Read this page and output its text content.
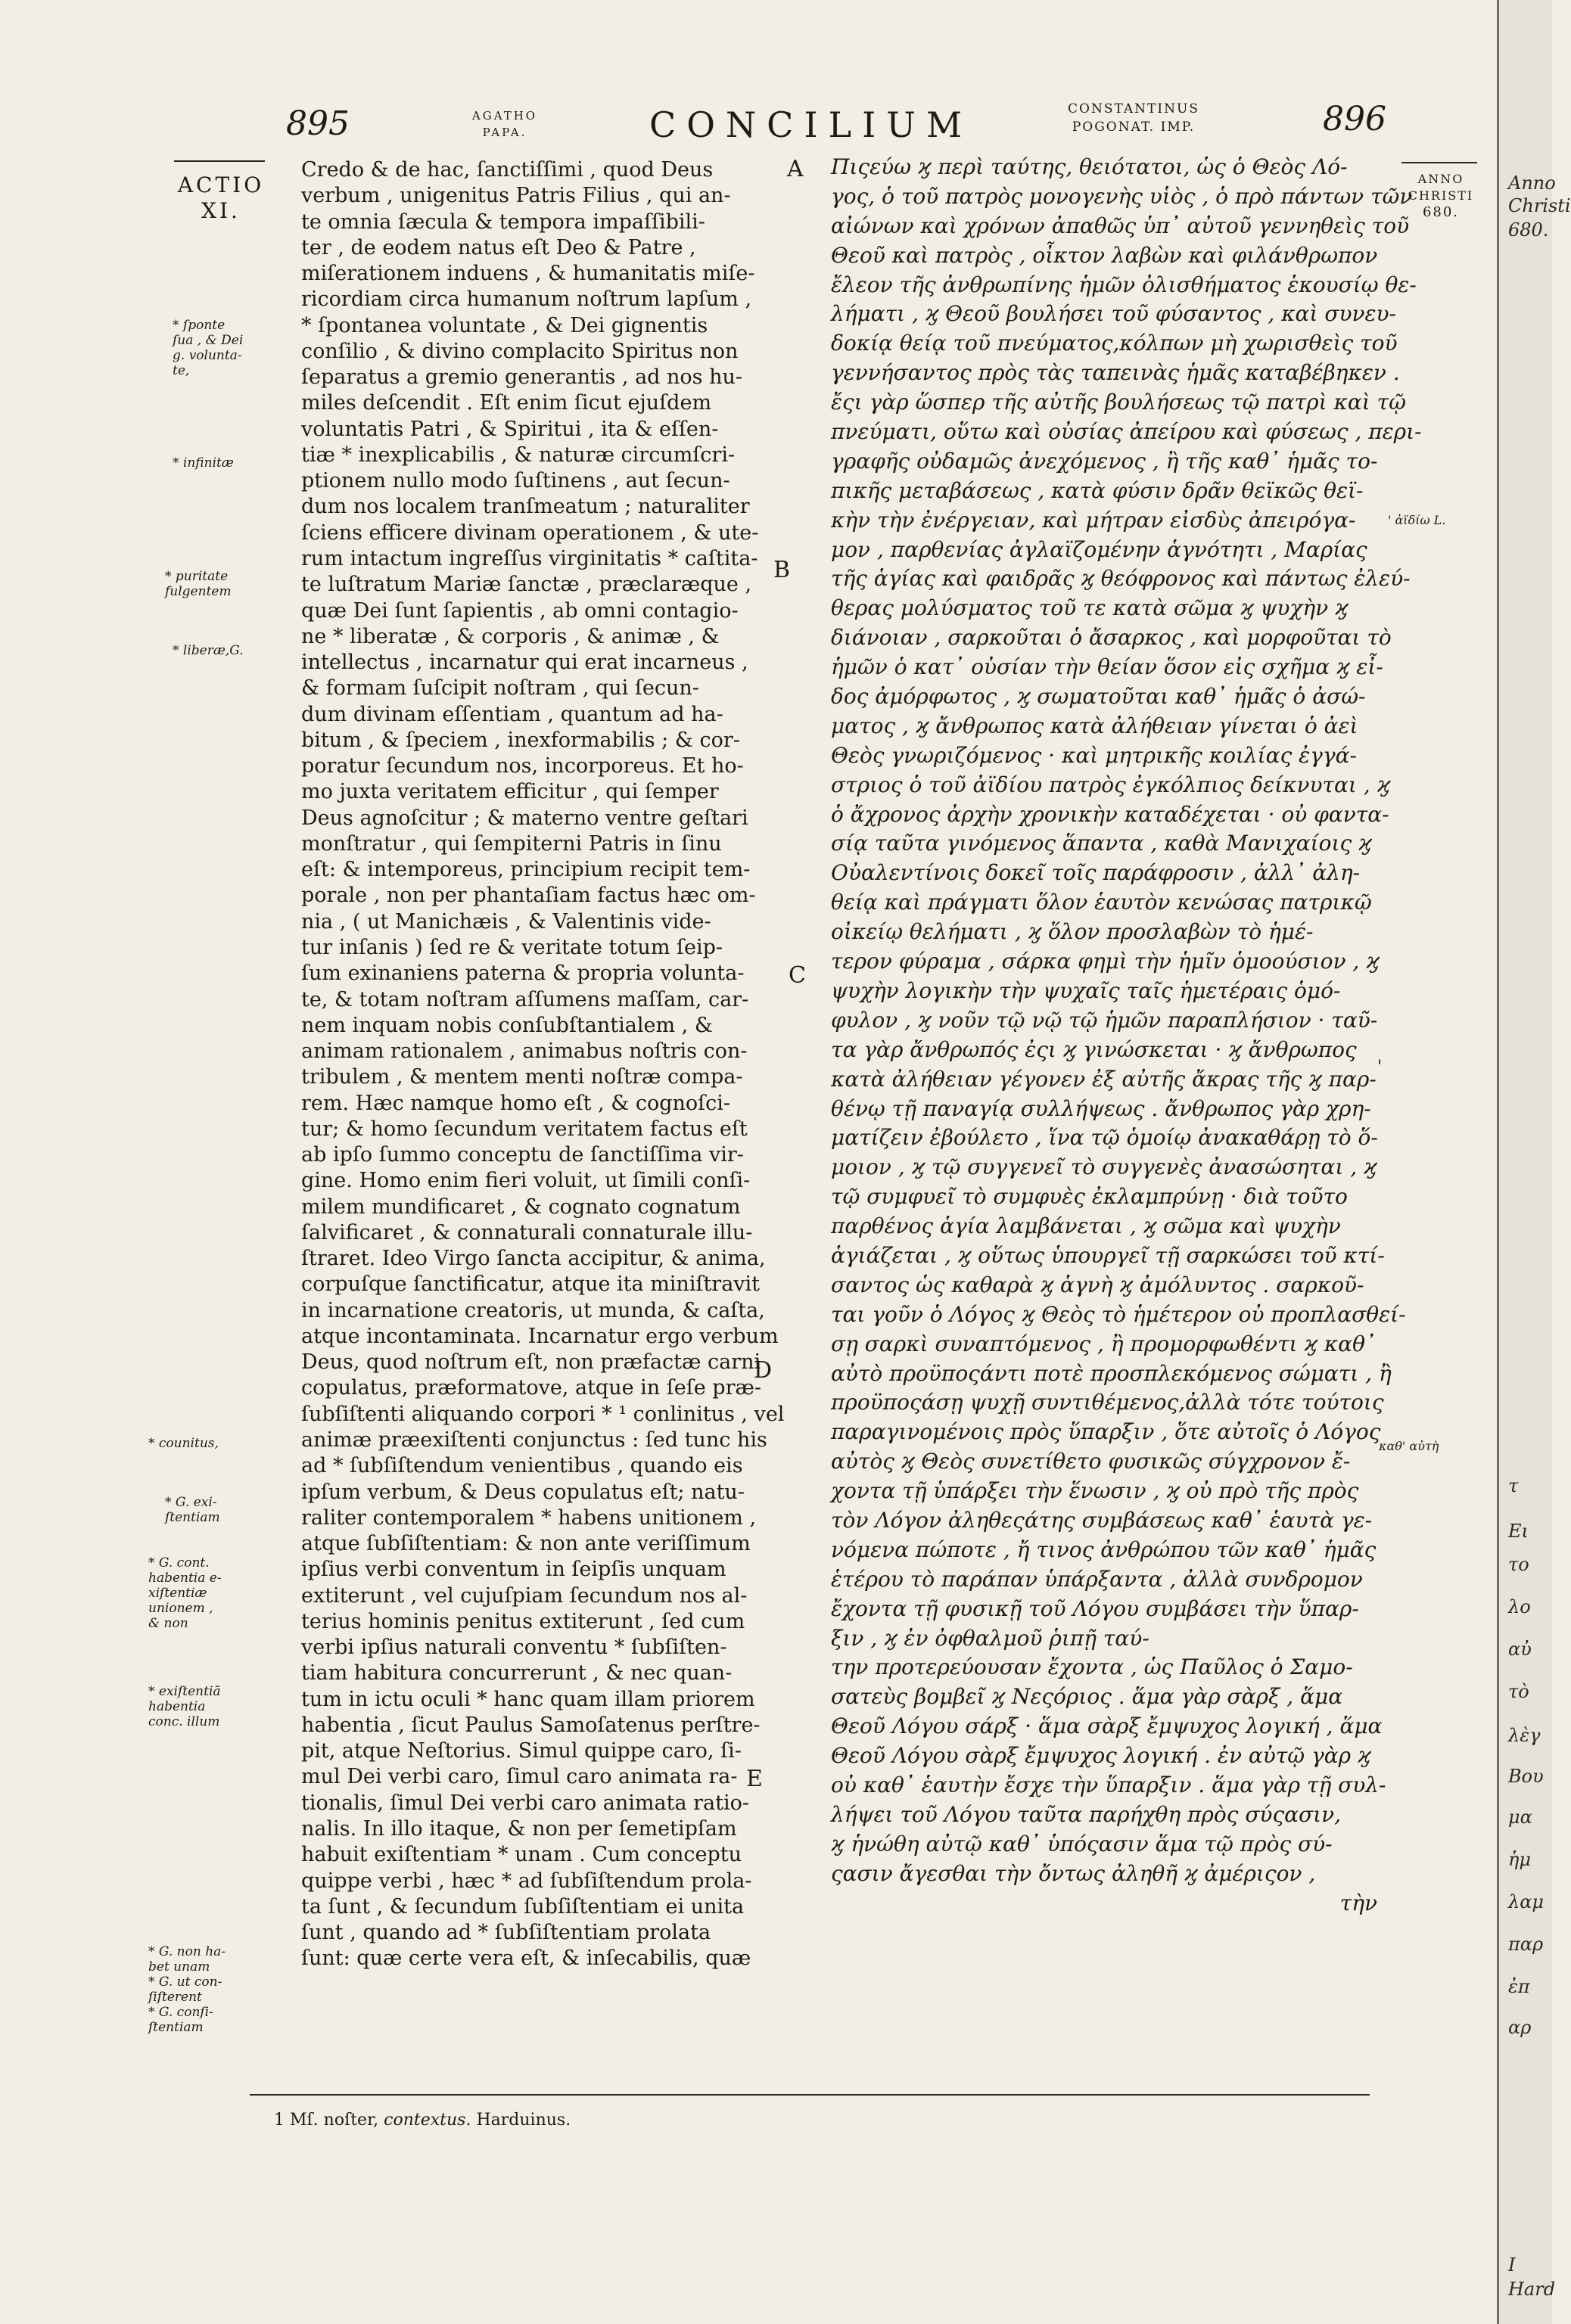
895	AGATHO
PAPA.	CONCILIUM	CONSTANTINUS
POGONAT. IMP.	896
ACTIO
XI.
* ſponte
ſua , & Dei
g. volunta-
te,
* infinitæ
* puritate
fulgentem
* liberæ,G.
* counitus,
* G. exi-
ſtentiam
* G. cont.
habentia e-
xiſtentiæ
unionem ,
& non
* exiſtentiā
habentia
conc. illum
* G. non ha-
bet unam
* G. ut con-
ſiſterent
* G. conſi-
ſtentiam
Credo & de hac, ſanctiſſimi , quod Deus
verbum , unigenitus Patris Filius , qui an-
te omnia ſæcula & tempora impaſſibili-
ter , de eodem natus eſt Deo & Patre ,
miſerationem induens , & humanitatis miſe-
ricordiam circa humanum noſtrum lapſum ,
* ſpontanea voluntate , & Dei gignentis
conſilio , & divino complacito Spiritus non
ſeparatus a gremio generantis , ad nos hu-
miles deſcendit . Eſt enim ſicut ejuſdem
voluntatis Patri , & Spiritui , ita & eſſen-
tiæ * inexplicabilis , & naturæ circumſcri-
ptionem nullo modo ſuſtinens , aut ſecun-
dum nos localem tranſmeatum ; naturaliter
ſciens efficere divinam operationem , & ute-
rum intactum ingreſſus virginitatis * caſtita-
te luſtratum Mariæ ſanctæ , præclaræque ,
quæ Dei ſunt ſapientis , ab omni contagio-
ne * liberatæ , & corporis , & animæ , &
intellectus , incarnatur qui erat incarneus ,
& formam ſuſcipit noſtram , qui ſecun-
dum divinam eſſentiam , quantum ad ha-
bitum , & ſpeciem , inexformabilis ; & cor-
poratur ſecundum nos, incorporeus. Et ho-
mo juxta veritatem efficitur , qui ſemper
Deus agnoſcitur ; & materno ventre geſtari
monſtratur , qui ſempiterni Patris in ſinu
eſt: & intemporeus, principium recipit tem-
porale , non per phantaſiam factus hæc om-
nia , ( ut Manichæis , & Valentinis vide-
tur inſanis ) ſed re & veritate totum ſeip-
ſum exinaniens paterna & propria volunta-
te, & totam noſtram aſſumens maſſam, car-
nem inquam nobis conſubſtantialem , &
animam rationalem , animabus noſtris con-
tribulem , & mentem menti noſtræ compa-
rem. Hæc namque homo eſt , & cognoſci-
tur; & homo ſecundum veritatem factus eſt
ab ipſo ſummo conceptu de ſanctiſſima vir-
gine. Homo enim fieri voluit, ut ſimili conſi-
milem mundificaret , & cognato cognatum
ſalvificaret , & connaturali connaturale illu-
ſtraret. Ideo Virgo ſancta accipitur, & anima,
corpuſque ſanctificatur, atque ita miniſtravit
in incarnatione creatoris, ut munda, & caſta,
atque incontaminata. Incarnatur ergo verbum
Deus, quod noſtrum eſt, non præfactæ carni
copulatus, præformatove, atque in ſeſe præ-
ſubſiſtenti aliquando corpori * ¹ conlinitus , vel
animæ præexiſtenti conjunctus : ſed tunc his
ad * ſubſiſtendum venientibus , quando eis
ipſum verbum, & Deus copulatus eſt; natu-
raliter contemporalem * habens unitionem ,
atque ſubſiſtentiam: & non ante veriſſimum
ipſius verbi conventum in ſeipſis unquam
extiterunt , vel cujuſpiam ſecundum nos al-
terius hominis penitus extiterunt , ſed cum
verbi ipſius naturali conventu * ſubſiſten-
tiam habitura concurrerunt , & nec quan-
tum in ictu oculi * hanc quam illam priorem
habentia , ſicut Paulus Samoſatenus perſtre-
pit, atque Neſtorius. Simul quippe caro, ſi-
mul Dei verbi caro, ſimul caro animata ra-
tionalis, ſimul Dei verbi caro animata ratio-
nalis. In illo itaque, & non per ſemetipſam
habuit exiſtentiam * unam . Cum conceptu
quippe verbi , hæc * ad ſubſiſtendum prola-
ta ſunt , & ſecundum ſubſiſtentiam ei unita
ſunt , quando ad * ſubſiſtentiam prolata
ſunt: quæ certe vera eſt, & inſecabilis, quæ
A
B
C
D
E
Πιςεύω ϗ περὶ ταύτης, θειότατοι, ὡς ὁ Θεὸς Λό-
γος, ὁ τοῦ πατρὸς μονογενὴς υἱὸς , ὁ πρὸ πάντων τῶν
αἰώνων καὶ χρόνων ἀπαθῶς ὑπ᾽ αὐτοῦ γεννηθεὶς τοῦ
Θεοῦ καὶ πατρὸς , οἶκτον λαβὼν καὶ φιλάνθρωπον
ἔλεον τῆς ἀνθρωπίνης ἡμῶν ὀλισθήματος ἑκουσίῳ θε-
λήματι , ϗ Θεοῦ βουλήσει τοῦ φύσαντος , καὶ συνευ-
δοκίᾳ θείᾳ τοῦ πνεύματος,κόλπων μὴ χωρισθεὶς τοῦ
γεννήσαντος πρὸς τὰς ταπεινὰς ἡμᾶς καταβέβηκεν .
ἔςι γὰρ ὥσπερ τῆς αὐτῆς βουλήσεως τῷ πατρὶ καὶ τῷ
πνεύματι, οὕτω καὶ οὐσίας ἀπείρου καὶ φύσεως , περι-
γραφῆς οὐδαμῶς ἀνεχόμενος , ἢ τῆς καθ᾽ ἡμᾶς το-
πικῆς μεταβάσεως , κατὰ φύσιν δρᾶν θεϊκῶς θεϊ-
κὴν τὴν ἐνέργειαν, καὶ μήτραν εἰσδὺς ἀπειρόγα-
μον , παρθενίας ἀγλαϊζομένην ἁγνότητι , Μαρίας
τῆς ἁγίας καὶ φαιδρᾶς ϗ θεόφρονος καὶ πάντως ἐλεύ-
θερας μολύσματος τοῦ τε κατὰ σῶμα ϗ ψυχὴν ϗ
διάνοιαν , σαρκοῦται ὁ ἄσαρκος , καὶ μορφοῦται τὸ
ἡμῶν ὁ κατ᾽ οὐσίαν τὴν θείαν ὅσον εἰς σχῆμα ϗ εἶ-
δος ἀμόρφωτος , ϗ σωματοῦται καθ᾽ ἡμᾶς ὁ ἀσώ-
ματος , ϗ ἄνθρωπος κατὰ ἀλήθειαν γίνεται ὁ ἀεὶ
Θεὸς γνωριζόμενος · καὶ μητρικῆς κοιλίας ἐγγά-
στριος ὁ τοῦ ἀϊδίου πατρὸς ἐγκόλπιος δείκνυται , ϗ
ὁ ἄχρονος ἀρχὴν χρονικὴν καταδέχεται · οὐ φαντα-
σίᾳ ταῦτα γινόμενος ἅπαντα , καθὰ Μανιχαίοις ϗ
Οὐαλεντίνοις δοκεῖ τοῖς παράφροσιν , ἀλλ᾽ ἀλη-
θείᾳ καὶ πράγματι ὅλον ἑαυτὸν κενώσας πατρικῷ
οἰκείῳ θελήματι , ϗ ὅλον προσλαβὼν τὸ ἡμέ-
τερον φύραμα , σάρκα φημὶ τὴν ἡμῖν ὁμοούσιον , ϗ
ψυχὴν λογικὴν τὴν ψυχαῖς ταῖς ἡμετέραις ὁμό-
φυλον , ϗ νοῦν τῷ νῷ τῷ ἡμῶν παραπλήσιον · ταῦ-
τα γὰρ ἄνθρωπός ἐςι ϗ γινώσκεται · ϗ ἄνθρωπος
κατὰ ἀλήθειαν γέγονεν ἐξ αὐτῆς ἄκρας τῆς ϗ παρ-
θένῳ τῇ παναγίᾳ συλλήψεως . ἄνθρωπος γὰρ χρη-
ματίζειν ἐβούλετο , ἵνα τῷ ὁμοίῳ ἀνακαθάρῃ τὸ ὅ-
μοιον , ϗ τῷ συγγενεῖ τὸ συγγενὲς ἀνασώσηται , ϗ
τῷ συμφυεῖ τὸ συμφυὲς ἐκλαμπρύνῃ · διὰ τοῦτο
παρθένος ἁγία λαμβάνεται , ϗ σῶμα καὶ ψυχὴν
ἁγιάζεται , ϗ οὕτως ὑπουργεῖ τῇ σαρκώσει τοῦ κτί-
σαντος ὡς καθαρὰ ϗ ἁγνὴ ϗ ἀμόλυντος . σαρκοῦ-
ται γοῦν ὁ Λόγος ϗ Θεὸς τὸ ἡμέτερον οὐ προπλασθεί-
σῃ σαρκὶ συναπτόμενος , ἢ προμορφωθέντι ϗ καθ᾽
αὐτὸ προϋποςάντι ποτὲ προσπλεκόμενος σώματι , ἢ
προϋποςάσῃ ψυχῇ συντιθέμενος,ἀλλὰ τότε τούτοις
παραγινομένοις πρὸς ὕπαρξιν , ὅτε αὐτοῖς ὁ Λόγος
αὐτὸς ϗ Θεὸς συνετίθετο φυσικῶς σύγχρονον ἔ-
χοντα τῇ ὑπάρξει τὴν ἕνωσιν , ϗ οὐ πρὸ τῆς πρὸς
τὸν Λόγον ἀληθεςάτης συμβάσεως καθ᾽ ἑαυτὰ γε-
νόμενα πώποτε , ἤ τινος ἀνθρώπου τῶν καθ᾽ ἡμᾶς
ἑτέρου τὸ παράπαν ὑπάρξαντα , ἀλλὰ συνδρομον
ἔχοντα τῇ φυσικῇ τοῦ Λόγου συμβάσει τὴν ὕπαρ-
ξιν , ϗ ἐν ὀφθαλμοῦ ῥιπῇ ταύ-
την προτερεύουσαν ἔχοντα , ὡς Παῦλος ὁ Σαμο-
σατεὺς βομβεῖ ϗ Νεςόριος . ἅμα γὰρ σὰρξ , ἅμα
Θεοῦ Λόγου σάρξ · ἅμα σὰρξ ἔμψυχος λογική , ἅμα
Θεοῦ Λόγου σὰρξ ἔμψυχος λογική . ἐν αὐτῷ γὰρ ϗ
οὐ καθ᾽ ἑαυτὴν ἔσχε τὴν ὕπαρξιν . ἅμα γὰρ τῇ συλ-
λήψει τοῦ Λόγου ταῦτα παρήχθη πρὸς σύςασιν,
ϗ ἡνώθη αὐτῷ καθ᾽ ὑπόςασιν ἅμα τῷ πρὸς σύ-
ςασιν ἄγεσθαι τὴν ὄντως ἀληθῆ ϗ ἀμέριςον ,
τὴν
ANNO
CHRISTI
680.
' ἀϊδίω L.
'
καθ' αὐτὴ
1 Mſ. noſter, contextus. Harduinus.
Anno
Christi
680.
τ
Ει
το
λο
αὐ
τὸ
λὲγ
Βου
μα
ἡμ
λαμ
παρ
ἐπ
αρ
Ι
Hard
